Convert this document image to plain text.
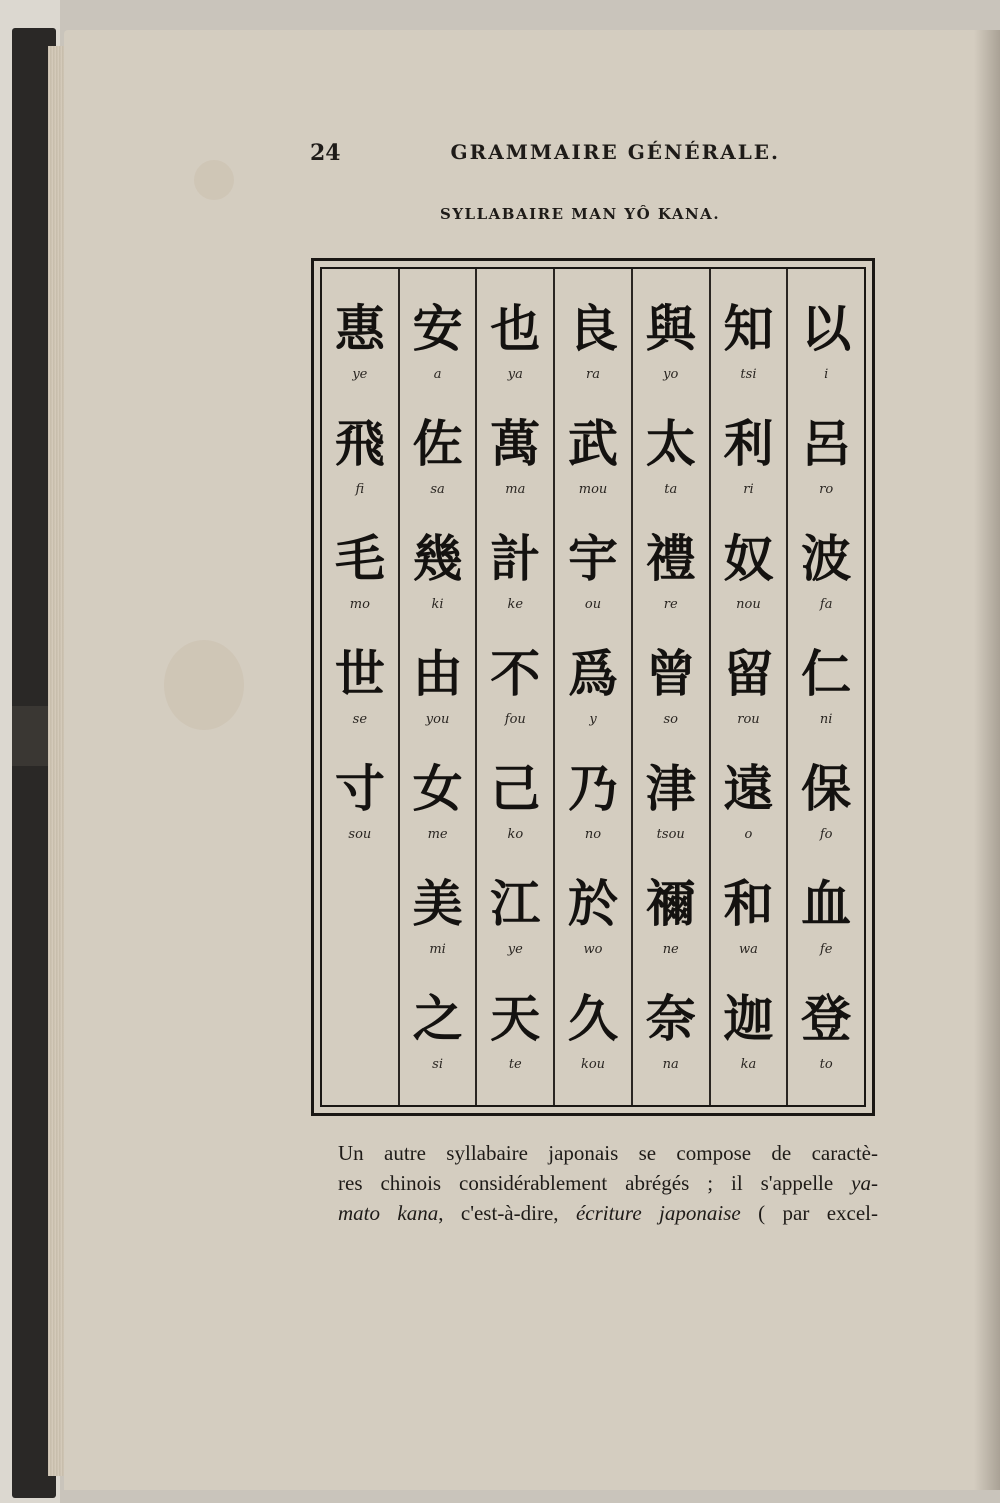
24	GRAMMAIRE GÉNÉRALE.
SYLLABAIRE MAN YÔ KANA.
惠
ye
飛
fi
毛
mo
世
se
寸
sou
安
a
佐
sa
幾
ki
由
you
女
me
美
mi
之
si
也
ya
萬
ma
計
ke
不
fou
己
ko
江
ye
天
te
良
ra
武
mou
宇
ou
爲
y
乃
no
於
wo
久
kou
與
yo
太
ta
禮
re
曾
so
津
tsou
禰
ne
奈
na
知
tsi
利
ri
奴
nou
留
rou
遠
o
和
wa
迦
ka
以
i
呂
ro
波
fa
仁
ni
保
fo
血
fe
登
to
Un autre syllabaire japonais se compose de caractè-
res chinois considérablement abrégés ; il s'appelle ya-
mato kana, c'est-à-dire, écriture japonaise ( par excel-
